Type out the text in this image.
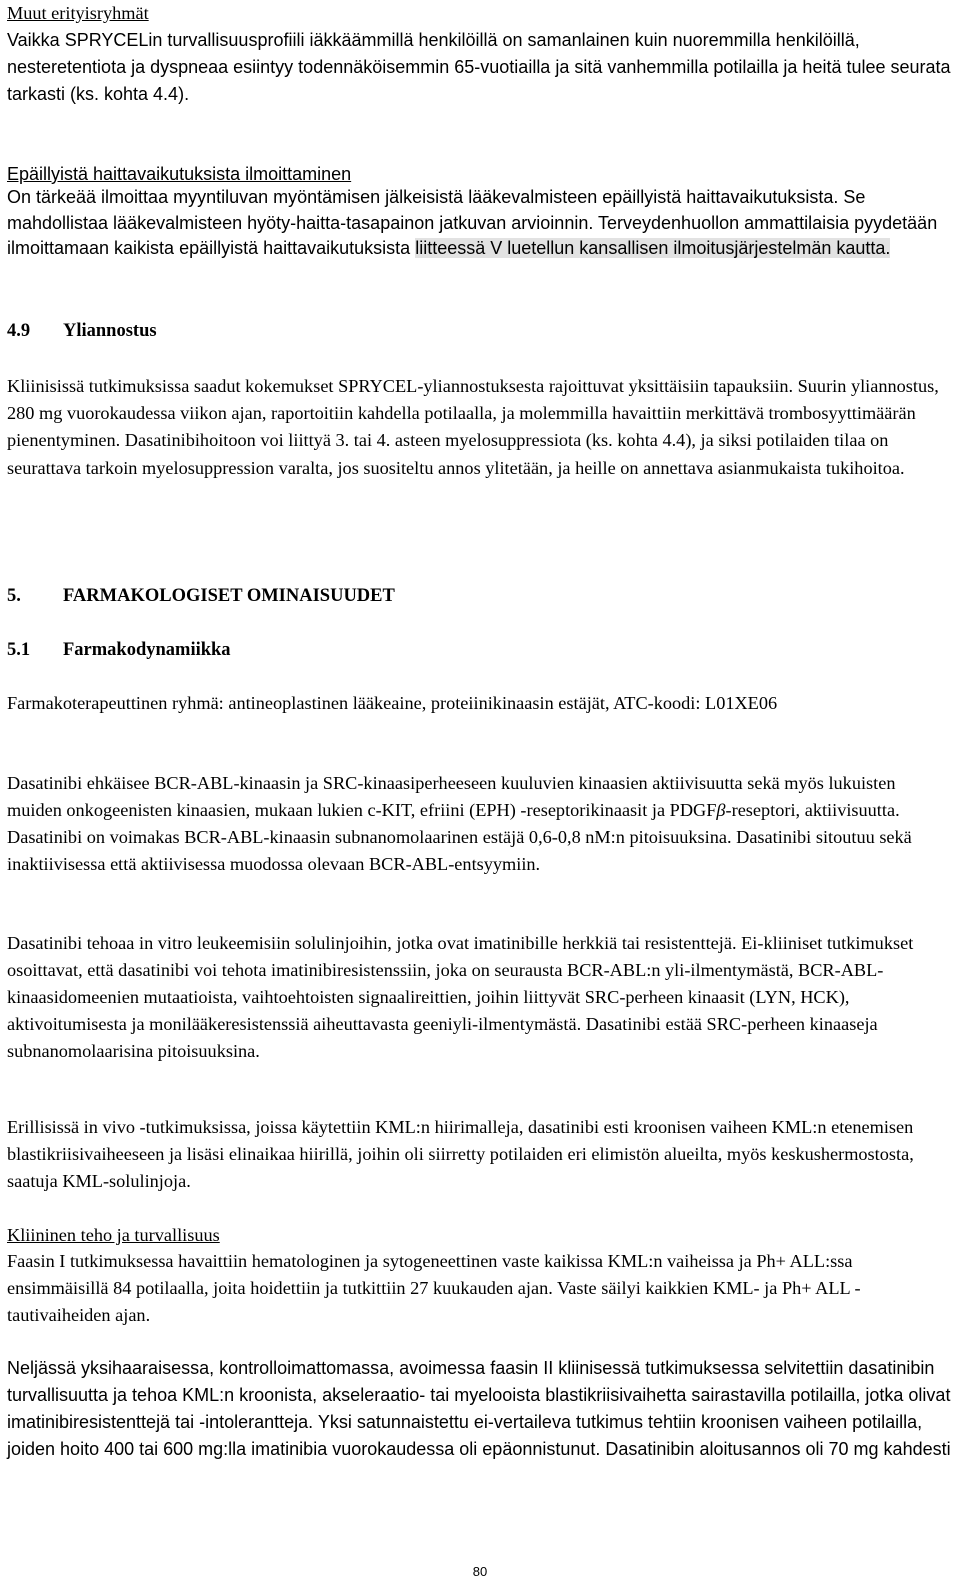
Muut erityisryhmät
Vaikka SPRYCELin turvallisuusprofiili iäkkäämmillä henkilöillä on samanlainen kuin nuoremmilla henkilöillä, nesteretentiota ja dyspneaa esiintyy todennäköisemmin 65-vuotiailla ja sitä vanhemmilla potilailla ja heitä tulee seurata tarkasti (ks. kohta 4.4).
Epäillyistä haittavaikutuksista ilmoittaminen
On tärkeää ilmoittaa myyntiluvan myöntämisen jälkeisistä lääkevalmisteen epäillyistä haittavaikutuksista. Se mahdollistaa lääkevalmisteen hyöty-haitta-tasapainon jatkuvan arvioinnin. Terveydenhuollon ammattilaisia pyydetään ilmoittamaan kaikista epäillyistä haittavaikutuksista liitteessä V luetellun kansallisen ilmoitusjärjestelmän kautta.
4.9 Yliannostus
Kliinisissä tutkimuksissa saadut kokemukset SPRYCEL-yliannostuksesta rajoittuvat yksittäisiin tapauksiin. Suurin yliannostus, 280 mg vuorokaudessa viikon ajan, raportoitiin kahdella potilaalla, ja molemmilla havaittiin merkittävä trombosyyttimäärän pienentyminen. Dasatinibihoitoon voi liittyä 3. tai 4. asteen myelosuppressiota (ks. kohta 4.4), ja siksi potilaiden tilaa on seurattava tarkoin myelosuppression varalta, jos suositeltu annos ylitetään, ja heille on annettava asianmukaista tukihoitoa.
5. FARMAKOLOGISET OMINAISUUDET
5.1 Farmakodynamiikka
Farmakoterapeuttinen ryhmä: antineoplastinen lääkeaine, proteiinikinaasin estäjät, ATC-koodi: L01XE06
Dasatinibi ehkäisee BCR-ABL-kinaasin ja SRC-kinaasiperheeseen kuuluvien kinaasien aktiivisuutta sekä myös lukuisten muiden onkogeenisten kinaasien, mukaan lukien c-KIT, efriini (EPH) -reseptorikinaasit ja PDGFβ-reseptori, aktiivisuutta. Dasatinibi on voimakas BCR-ABL-kinaasin subnanomolaarinen estäjä 0,6-0,8 nM:n pitoisuuksina. Dasatinibi sitoutuu sekä inaktiivisessa että aktiivisessa muodossa olevaan BCR-ABL-entsyymiin.
Dasatinibi tehoaa in vitro leukeemisiin solulinjoihin, jotka ovat imatinibille herkkiä tai resistenttejä. Ei-kliiniset tutkimukset osoittavat, että dasatinibi voi tehota imatinibiresistenssiin, joka on seurausta BCR-ABL:n yli-ilmentymästä, BCR-ABL-kinaasidomeenien mutaatioista, vaihtoehtoisten signaalireittien, joihin liittyvät SRC-perheen kinaasit (LYN, HCK), aktivoitumisesta ja monilääkeresistenssiä aiheuttavasta geeniyli-ilmentymästä. Dasatinibi estää SRC-perheen kinaaseja subnanomolaarisina pitoisuuksina.
Erillisissä in vivo -tutkimuksissa, joissa käytettiin KML:n hiirimalleja, dasatinibi esti kroonisen vaiheen KML:n etenemisen blastikriisivaiheeseen ja lisäsi elinaikaa hiirillä, joihin oli siirretty potilaiden eri elimistön alueilta, myös keskushermostosta, saatuja KML-solulinjoja.
Kliininen teho ja turvallisuus
Faasin I tutkimuksessa havaittiin hematologinen ja sytogeneettinen vaste kaikissa KML:n vaiheissa ja Ph+ ALL:ssa ensimmäisillä 84 potilaalla, joita hoidettiin ja tutkittiin 27 kuukauden ajan. Vaste säilyi kaikkien KML- ja Ph+ ALL -tautivaiheiden ajan.
Neljässä yksihaaraisessa, kontrolloimattomassa, avoimessa faasin II kliinisessä tutkimuksessa selvitettiin dasatinibin turvallisuutta ja tehoa KML:n kroonista, akseleraatio- tai myelooista blastikriisivaihetta sairastavilla potilailla, jotka olivat imatinibiresistenttejä tai -intolerantteja. Yksi satunnaistettu ei-vertaileva tutkimus tehtiin kroonisen vaiheen potilailla, joiden hoito 400 tai 600 mg:lla imatinibia vuorokaudessa oli epäonnistunut. Dasatinibin aloitusannos oli 70 mg kahdesti
80
